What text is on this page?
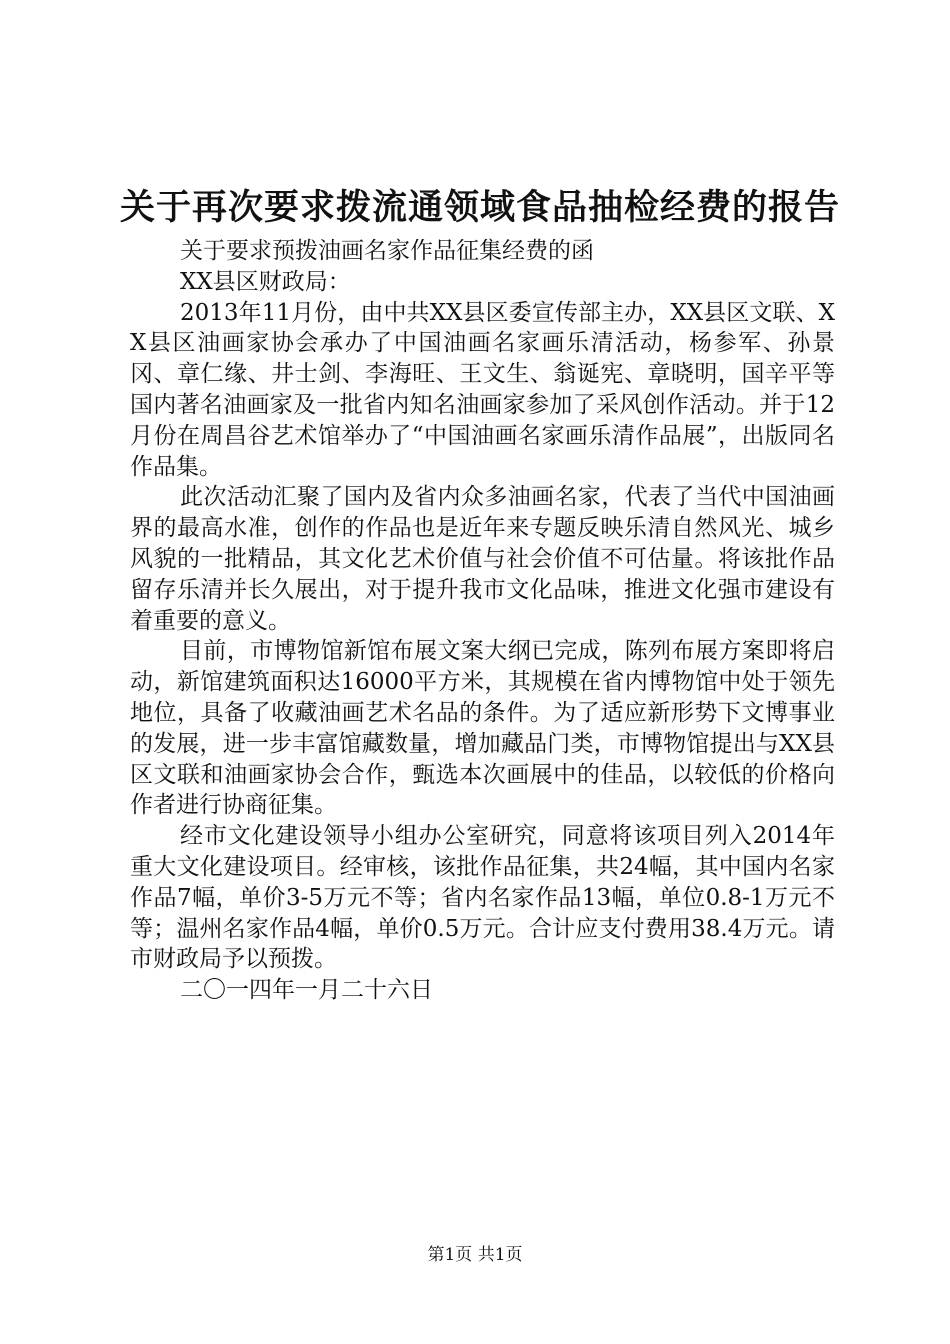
关于再次要求拨流通领域食品抽检经费的报告

关于要求预拨油画名家作品征集经费的函

XX县区财政局：

2013年11月份，由中共XX县区委宣传部主办，XX县区文联、XX县区油画家协会承办了中国油画名家画乐清活动，杨参军、孙景冈、章仁缘、井士剑、李海旺、王文生、翁诞宪、章晓明，国辛平等国内著名油画家及一批省内知名油画家参加了采风创作活动。并于12月份在周昌谷艺术馆举办了“中国油画名家画乐清作品展”，出版同名作品集。

此次活动汇聚了国内及省内众多油画名家，代表了当代中国油画界的最高水准，创作的作品也是近年来专题反映乐清自然风光、城乡风貌的一批精品，其文化艺术价值与社会价值不可估量。将该批作品留存乐清并长久展出，对于提升我市文化品味，推进文化强市建设有着重要的意义。

目前，市博物馆新馆布展文案大纲已完成，陈列布展方案即将启动，新馆建筑面积达16000平方米，其规模在省内博物馆中处于领先地位，具备了收藏油画艺术名品的条件。为了适应新形势下文博事业的发展，进一步丰富馆藏数量，增加藏品门类，市博物馆提出与XX县区文联和油画家协会合作，甄选本次画展中的佳品，以较低的价格向作者进行协商征集。

经市文化建设领导小组办公室研究，同意将该项目列入2014年重大文化建设项目。经审核，该批作品征集，共24幅，其中国内名家作品7幅，单价3-5万元不等；省内名家作品13幅，单位0.8-1万元不等；温州名家作品4幅，单价0.5万元。合计应支付费用38.4万元。请市财政局予以预拨。

二〇一四年一月二十六日

第1页 共1页
